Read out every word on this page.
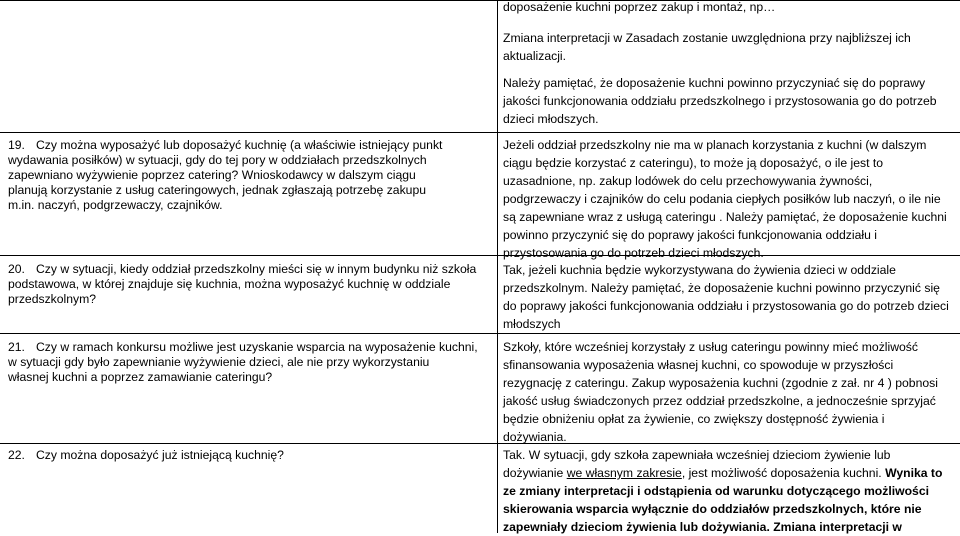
doposażenie kuchni poprzez zakup i montaż, np…
Zmiana interpretacji w Zasadach zostanie uwzględniona przy najbliższej ich
aktualizacji.
Należy pamiętać, że doposażenie kuchni powinno przyczyniać się do poprawy
jakości funkcjonowania oddziału przedszkolnego i przystosowania go do potrzeb
dzieci młodszych.
19. Czy można wyposażyć lub doposażyć kuchnię (a właściwie istniejący punkt
wydawania posiłków) w sytuacji, gdy do tej pory w oddziałach przedszkolnych
zapewniano wyżywienie poprzez catering? Wnioskodawcy w dalszym ciągu
planują korzystanie z usług cateringowych, jednak zgłaszają potrzebę zakupu
m.in. naczyń, podgrzewaczy, czajników.
Jeżeli oddział przedszkolny nie ma w planach korzystania z kuchni (w dalszym
ciągu będzie korzystać z cateringu), to może ją doposażyć, o ile jest to
uzasadnione, np. zakup lodówek do celu przechowywania żywności,
podgrzewaczy i czajników do celu podania ciepłych posiłków lub naczyń, o ile nie
są zapewniane wraz z usługą cateringu . Należy pamiętać, że doposażenie kuchni
powinno przyczynić się do poprawy jakości funkcjonowania oddziału i
przystosowania go do potrzeb dzieci młodszych.
20. Czy w sytuacji, kiedy oddział przedszkolny mieści się w innym budynku niż szkoła
podstawowa, w której znajduje się kuchnia, można wyposażyć kuchnię w oddziale
przedszkolnym?
Tak, jeżeli kuchnia będzie wykorzystywana do żywienia dzieci w oddziale
przedszkolnym. Należy pamiętać, że doposażenie kuchni powinno przyczynić się
do poprawy jakości funkcjonowania oddziału i przystosowania go do potrzeb dzieci
młodszych
21. Czy w ramach konkursu możliwe jest uzyskanie wsparcia na wyposażenie kuchni,
w sytuacji gdy było zapewnianie wyżywienie dzieci, ale nie przy wykorzystaniu
własnej kuchni a poprzez zamawianie cateringu?
Szkoły, które wcześniej korzystały z usług cateringu powinny mieć możliwość
sfinansowania wyposażenia własnej kuchni, co spowoduje w przyszłości
rezygnację z cateringu. Zakup wyposażenia kuchni (zgodnie z zał. nr 4 ) pobnosi
jakość usług świadczonych przez oddział przedszkolne, a jednocześnie sprzyjać
będzie obniżeniu opłat za żywienie, co zwiększy dostępność żywienia i
dożywiania.
22. Czy można doposażyć już istniejącą kuchnię?	Tak. W sytuacji, gdy szkoła zapewniała wcześniej dzieciom żywienie lub
dożywianie we własnym zakresie, jest możliwość doposażenia kuchni. Wynika to
ze zmiany interpretacji i odstąpienia od warunku dotyczącego możliwości
skierowania wsparcia wyłącznie do oddziałów przedszkolnych, które nie
zapewniały dzieciom żywienia lub dożywiania. Zmiana interpretacji w
